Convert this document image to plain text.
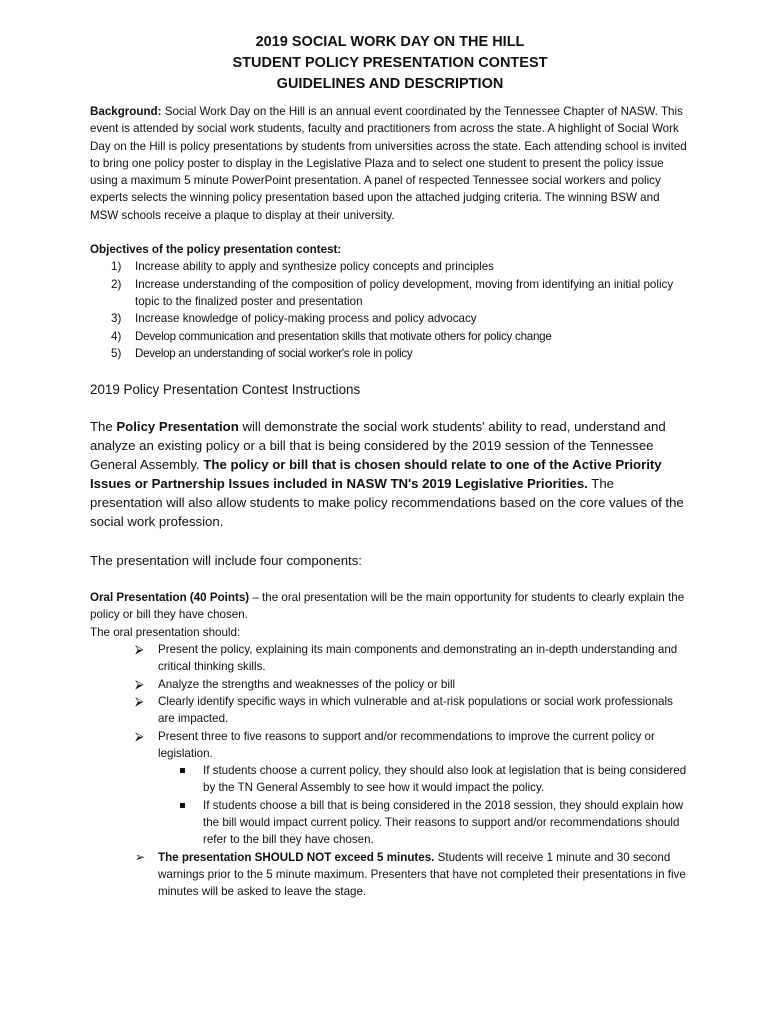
2019 SOCIAL WORK DAY ON THE HILL
STUDENT POLICY PRESENTATION CONTEST
GUIDELINES AND DESCRIPTION
Background: Social Work Day on the Hill is an annual event coordinated by the Tennessee Chapter of NASW. This event is attended by social work students, faculty and practitioners from across the state. A highlight of Social Work Day on the Hill is policy presentations by students from universities across the state. Each attending school is invited to bring one policy poster to display in the Legislative Plaza and to select one student to present the policy issue using a maximum 5 minute PowerPoint presentation. A panel of respected Tennessee social workers and policy experts selects the winning policy presentation based upon the attached judging criteria. The winning BSW and MSW schools receive a plaque to display at their university.
Objectives of the policy presentation contest:
1) Increase ability to apply and synthesize policy concepts and principles
2) Increase understanding of the composition of policy development, moving from identifying an initial policy topic to the finalized poster and presentation
3) Increase knowledge of policy-making process and policy advocacy
4) Develop communication and presentation skills that motivate others for policy change
5) Develop an understanding of social worker's role in policy
2019 Policy Presentation Contest Instructions
The Policy Presentation will demonstrate the social work students' ability to read, understand and analyze an existing policy or a bill that is being considered by the 2019 session of the Tennessee General Assembly. The policy or bill that is chosen should relate to one of the Active Priority Issues or Partnership Issues included in NASW TN's 2019 Legislative Priorities. The presentation will also allow students to make policy recommendations based on the core values of the social work profession.
The presentation will include four components:
Oral Presentation (40 Points) – the oral presentation will be the main opportunity for students to clearly explain the policy or bill they have chosen.
The oral presentation should:
⮚ Present the policy, explaining its main components and demonstrating an in-depth understanding and critical thinking skills.
⮚ Analyze the strengths and weaknesses of the policy or bill
⮚ Clearly identify specific ways in which vulnerable and at-risk populations or social work professionals are impacted.
⮚ Present three to five reasons to support and/or recommendations to improve the current policy or legislation.
If students choose a current policy, they should also look at legislation that is being considered by the TN General Assembly to see how it would impact the policy.
If students choose a bill that is being considered in the 2018 session, they should explain how the bill would impact current policy. Their reasons to support and/or recommendations should refer to the bill they have chosen.
➢ The presentation SHOULD NOT exceed 5 minutes. Students will receive 1 minute and 30 second warnings prior to the 5 minute maximum. Presenters that have not completed their presentations in five minutes will be asked to leave the stage.
